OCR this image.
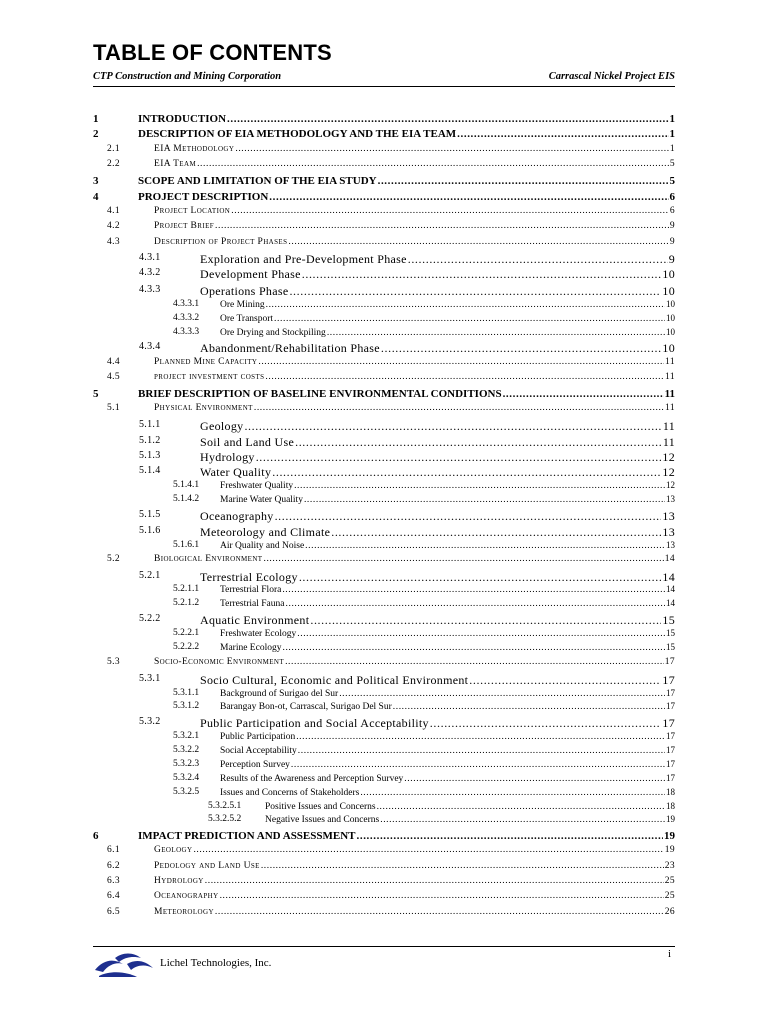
TABLE OF CONTENTS
CTP Construction and Mining Corporation	Carrascal Nickel Project EIS
1	INTRODUCTION .....	1
2	DESCRIPTION OF EIA METHODOLOGY AND THE EIA TEAM .....	1
2.1	EIA Methodology .....	1
2.2	EIA Team .....	5
3	SCOPE AND LIMITATION OF THE EIA STUDY .....	5
4	PROJECT DESCRIPTION .....	6
4.1	Project Location .....	6
4.2	Project Brief .....	9
4.3	Description of Project Phases .....	9
4.3.1	Exploration and Pre-Development Phase .....	9
4.3.2	Development Phase .....	10
4.3.3	Operations Phase .....	10
4.3.3.1 Ore Mining .....	10
4.3.3.2 Ore Transport .....	10
4.3.3.3 Ore Drying and Stockpiling .....	10
4.3.4	Abandonment/Rehabilitation Phase .....	10
4.4	Planned Mine Capacity .....	11
4.5	project investment costs .....	11
5	BRIEF DESCRIPTION OF BASELINE ENVIRONMENTAL CONDITIONS .....	11
5.1	Physical Environment .....	11
5.1.1	Geology .....	11
5.1.2	Soil and Land Use .....	11
5.1.3	Hydrology .....	12
5.1.4	Water Quality .....	12
5.1.4.1 Freshwater Quality .....	12
5.1.4.2 Marine Water Quality .....	13
5.1.5	Oceanography .....	13
5.1.6	Meteorology and Climate .....	13
5.1.6.1 Air Quality and Noise .....	13
5.2	Biological Environment .....	14
5.2.1	Terrestrial Ecology .....	14
5.2.1.1 Terrestrial Flora .....	14
5.2.1.2 Terrestrial Fauna .....	14
5.2.2	Aquatic Environment .....	15
5.2.2.1 Freshwater Ecology .....	15
5.2.2.2 Marine Ecology .....	15
5.3	Socio-Economic Environment .....	17
5.3.1	Socio Cultural, Economic and Political Environment .....	17
5.3.1.1 Background of Surigao del Sur .....	17
5.3.1.2 Barangay Bon-ot, Carrascal, Surigao Del Sur .....	17
5.3.2	Public Participation and Social Acceptability .....	17
5.3.2.1 Public Participation .....	17
5.3.2.2 Social Acceptability .....	17
5.3.2.3 Perception Survey .....	17
5.3.2.4 Results of the Awareness and Perception Survey .....	17
5.3.2.5 Issues and Concerns of Stakeholders .....	18
5.3.2.5.1	Positive Issues and Concerns .....	18
5.3.2.5.2	Negative Issues and Concerns .....	19
6	IMPACT PREDICTION AND ASSESSMENT .....	19
6.1	Geology .....	19
6.2	Pedology and Land Use .....	23
6.3	Hydrology .....	25
6.4	Oceanography .....	25
6.5	Meteorology .....	26
Lichel Technologies, Inc.
i
